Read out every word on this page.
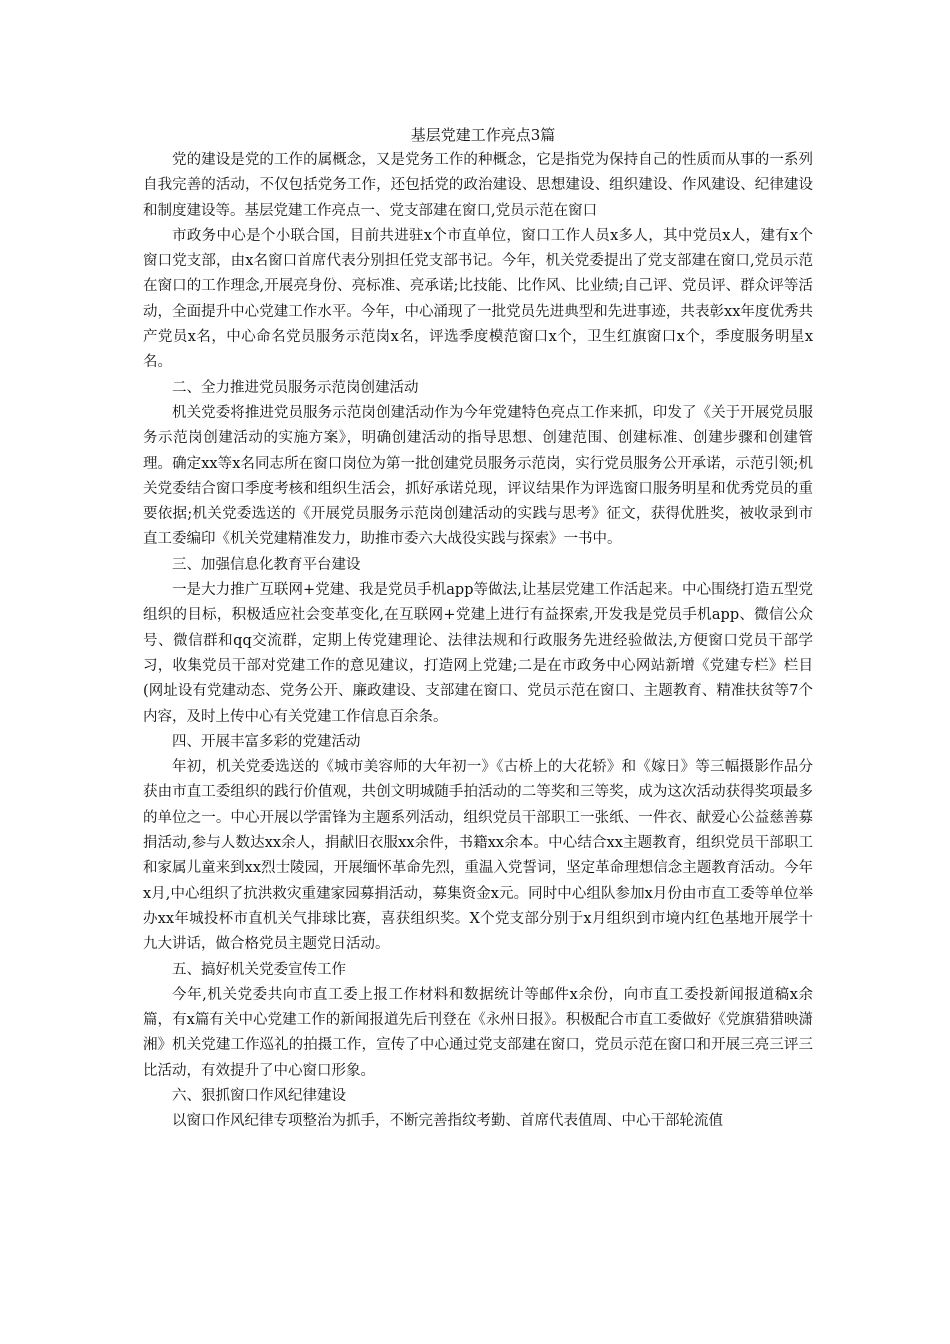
基层党建工作亮点3篇

党的建设是党的工作的属概念，又是党务工作的种概念，它是指党为保持自己的性质而从事的一系列自我完善的活动，不仅包括党务工作，还包括党的政治建设、思想建设、组织建设、作风建设、纪律建设和制度建设等。基层党建工作亮点一、党支部建在窗口,党员示范在窗口

市政务中心是个小联合国，目前共进驻x个市直单位，窗口工作人员x多人，其中党员x人，建有x个窗口党支部，由x名窗口首席代表分别担任党支部书记。今年，机关党委提出了党支部建在窗口,党员示范在窗口的工作理念,开展亮身份、亮标准、亮承诺;比技能、比作风、比业绩;自己评、党员评、群众评等活动，全面提升中心党建工作水平。今年，中心涌现了一批党员先进典型和先进事迹，共表彰xx年度优秀共产党员x名，中心命名党员服务示范岗x名，评选季度模范窗口x个，卫生红旗窗口x个，季度服务明星x名。

二、全力推进党员服务示范岗创建活动

机关党委将推进党员服务示范岗创建活动作为今年党建特色亮点工作来抓，印发了《关于开展党员服务示范岗创建活动的实施方案》，明确创建活动的指导思想、创建范围、创建标准、创建步骤和创建管理。确定xx等x名同志所在窗口岗位为第一批创建党员服务示范岗，实行党员服务公开承诺，示范引领;机关党委结合窗口季度考核和组织生活会，抓好承诺兑现，评议结果作为评选窗口服务明星和优秀党员的重要依据;机关党委选送的《开展党员服务示范岗创建活动的实践与思考》征文，获得优胜奖，被收录到市直工委编印《机关党建精准发力，助推市委六大战役实践与探索》一书中。

三、加强信息化教育平台建设

一是大力推广互联网+党建、我是党员手机app等做法,让基层党建工作活起来。中心围绕打造五型党组织的目标，积极适应社会变革变化,在互联网+党建上进行有益探索,开发我是党员手机app、微信公众号、微信群和qq交流群，定期上传党建理论、法律法规和行政服务先进经验做法,方便窗口党员干部学习，收集党员干部对党建工作的意见建议，打造网上党建;二是在市政务中心网站新增《党建专栏》栏目(网址设有党建动态、党务公开、廉政建设、支部建在窗口、党员示范在窗口、主题教育、精准扶贫等7个内容，及时上传中心有关党建工作信息百余条。

四、开展丰富多彩的党建活动

年初，机关党委选送的《城市美容师的大年初一》《古桥上的大花轿》和《嫁日》等三幅摄影作品分获由市直工委组织的践行价值观，共创文明城随手拍活动的二等奖和三等奖，成为这次活动获得奖项最多的单位之一。中心开展以学雷锋为主题系列活动，组织党员干部职工一张纸、一件衣、献爱心公益慈善募捐活动,参与人数达xx余人，捐献旧衣服xx余件，书籍xx余本。中心结合xx主题教育，组织党员干部职工和家属儿童来到xx烈士陵园，开展缅怀革命先烈，重温入党誓词，坚定革命理想信念主题教育活动。今年x月,中心组织了抗洪救灾重建家园募捐活动，募集资金x元。同时中心组队参加x月份由市直工委等单位举办xx年城投杯市直机关气排球比赛，喜获组织奖。X个党支部分别于x月组织到市境内红色基地开展学十九大讲话，做合格党员主题党日活动。

五、搞好机关党委宣传工作

今年,机关党委共向市直工委上报工作材料和数据统计等邮件x余份，向市直工委投新闻报道稿x余篇，有x篇有关中心党建工作的新闻报道先后刊登在《永州日报》。积极配合市直工委做好《党旗猎猎映潇湘》机关党建工作巡礼的拍摄工作，宣传了中心通过党支部建在窗口，党员示范在窗口和开展三亮三评三比活动，有效提升了中心窗口形象。

六、狠抓窗口作风纪律建设

以窗口作风纪律专项整治为抓手，不断完善指纹考勤、首席代表值周、中心干部轮流值
